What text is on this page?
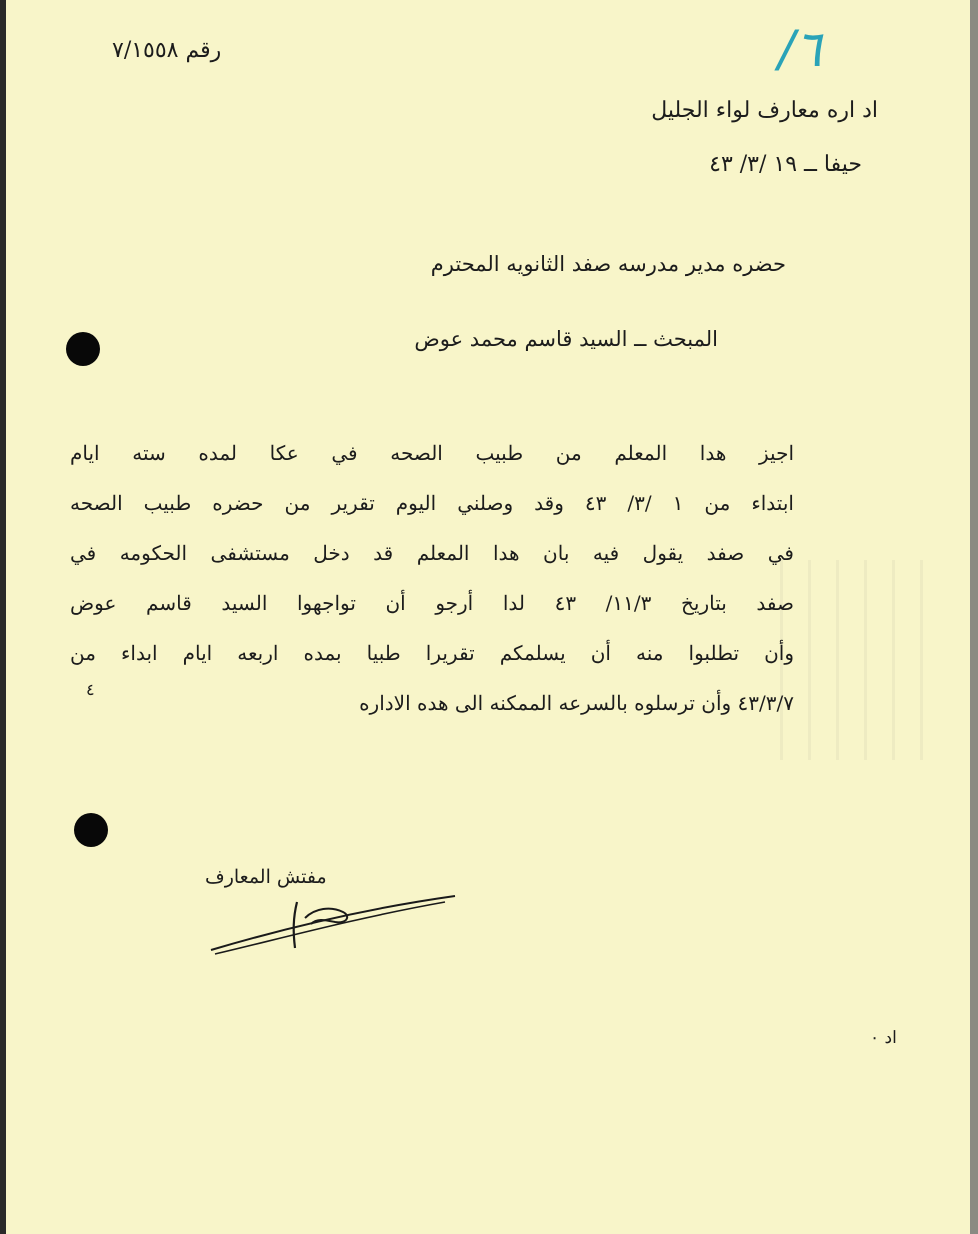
رقم ٧/١٥٥٨	/٦
اد اره معارف لواء الجليل
حيفا ــ ١٩ /٣/ ٤٣
حضره مدير مدرسه صفد الثانويه المحترم
المبحث ــ السيد قاسم محمد عوض
اجيز هدا المعلم من طبيب الصحه في عكا لمده سته ايام
ابتداء من ١ /٣/ ٤٣ وقد وصلني اليوم تقرير من حضره طبيب الصحه
في صفد يقول فيه بان هدا المعلم قد دخل مستشفى الحكومه في
صفد بتاريخ ١١/٣/ ٤٣ لدا أرجو أن تواجهوا السيد قاسم عوض
وأن تطلبوا منه أن يسلمكم تقريرا طبيا بمده اربعه ايام ابداء من
٤٣/٣/٧ وأن ترسلوه بالسرعه الممكنه الى هده الاداره
٤
مفتش المعارف
اد ٠
